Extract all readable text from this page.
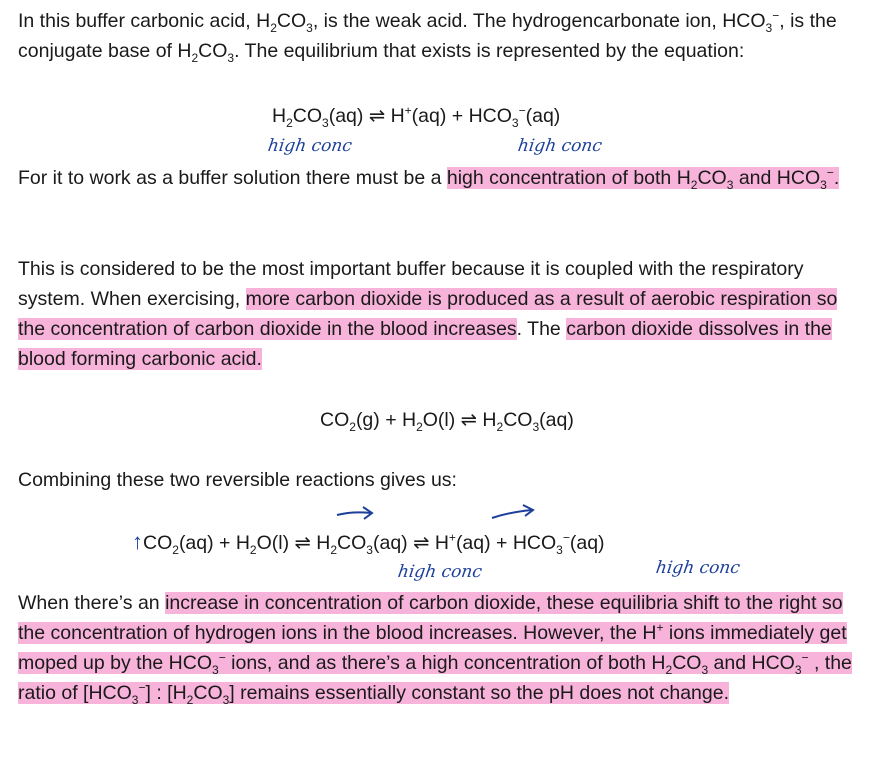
In this buffer carbonic acid, $H_2CO_3$, is the weak acid. The hydrogencarbonate ion, $HCO_3^-$, is the conjugate base of $H_2CO_3$. The equilibrium that exists is represented by the equation:

$H_2CO_3(aq)$ ⇌ $H^+(aq) + HCO_3^-(aq)$
high conc	high conc

For it to work as a buffer solution there must be a high concentration of both $H_2CO_3$ and $HCO_3^-$.

This is considered to be the most important buffer because it is coupled with the respiratory system. When exercising, more carbon dioxide is produced as a result of aerobic respiration so the concentration of carbon dioxide in the blood increases. The carbon dioxide dissolves in the blood forming carbonic acid.

$CO_2(g) + H_2O(l)$ ⇌ $H_2CO_3(aq)$

Combining these two reversible reactions gives us:

$↑CO_2(aq) + H_2O(l)$ ⇌ $H_2CO_3(aq)$ ⇌ $H^+(aq) + HCO_3^-(aq)$
high conc	high conc

When there’s an increase in concentration of carbon dioxide, these equilibria shift to the right so the concentration of hydrogen ions in the blood increases. However, the H+ ions immediately get moped up by the $HCO_3^-$ ions, and as there’s a high concentration of both $H_2CO_3$ and $HCO_3^-$ , the ratio of $[HCO_3^-]$ : $[H_2CO_3]$ remains essentially constant so the pH does not change.
